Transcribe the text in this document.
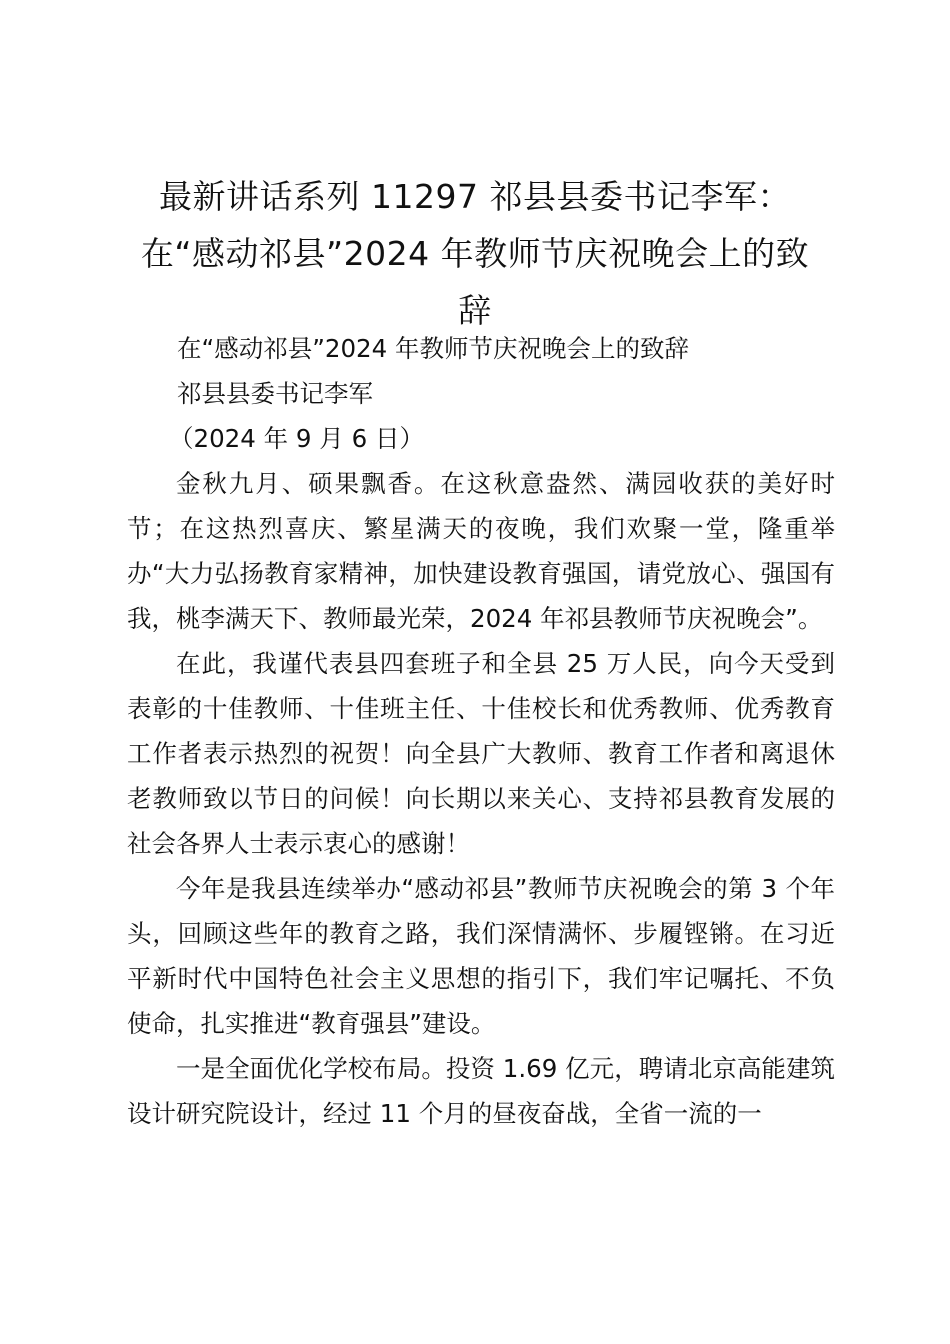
最新讲话系列 11297 祁县县委书记李军：
在“感动祁县”2024 年教师节庆祝晚会上的致
辞

在“感动祁县”2024 年教师节庆祝晚会上的致辞

祁县县委书记李军

（2024 年 9 月 6 日）

金秋九月、硕果飘香。在这秋意盎然、满园收获的美好时节；在这热烈喜庆、繁星满天的夜晚，我们欢聚一堂，隆重举办“大力弘扬教育家精神，加快建设教育强国，请党放心、强国有我，桃李满天下、教师最光荣，2024 年祁县教师节庆祝晚会”。

在此，我谨代表县四套班子和全县 25 万人民，向今天受到表彰的十佳教师、十佳班主任、十佳校长和优秀教师、优秀教育工作者表示热烈的祝贺！向全县广大教师、教育工作者和离退休老教师致以节日的问候！向长期以来关心、支持祁县教育发展的社会各界人士表示衷心的感谢！

今年是我县连续举办“感动祁县”教师节庆祝晚会的第 3 个年头，回顾这些年的教育之路，我们深情满怀、步履铿锵。在习近平新时代中国特色社会主义思想的指引下，我们牢记嘱托、不负使命，扎实推进“教育强县”建设。

一是全面优化学校布局。投资 1.69 亿元，聘请北京高能建筑设计研究院设计，经过 11 个月的昼夜奋战，全省一流的一
